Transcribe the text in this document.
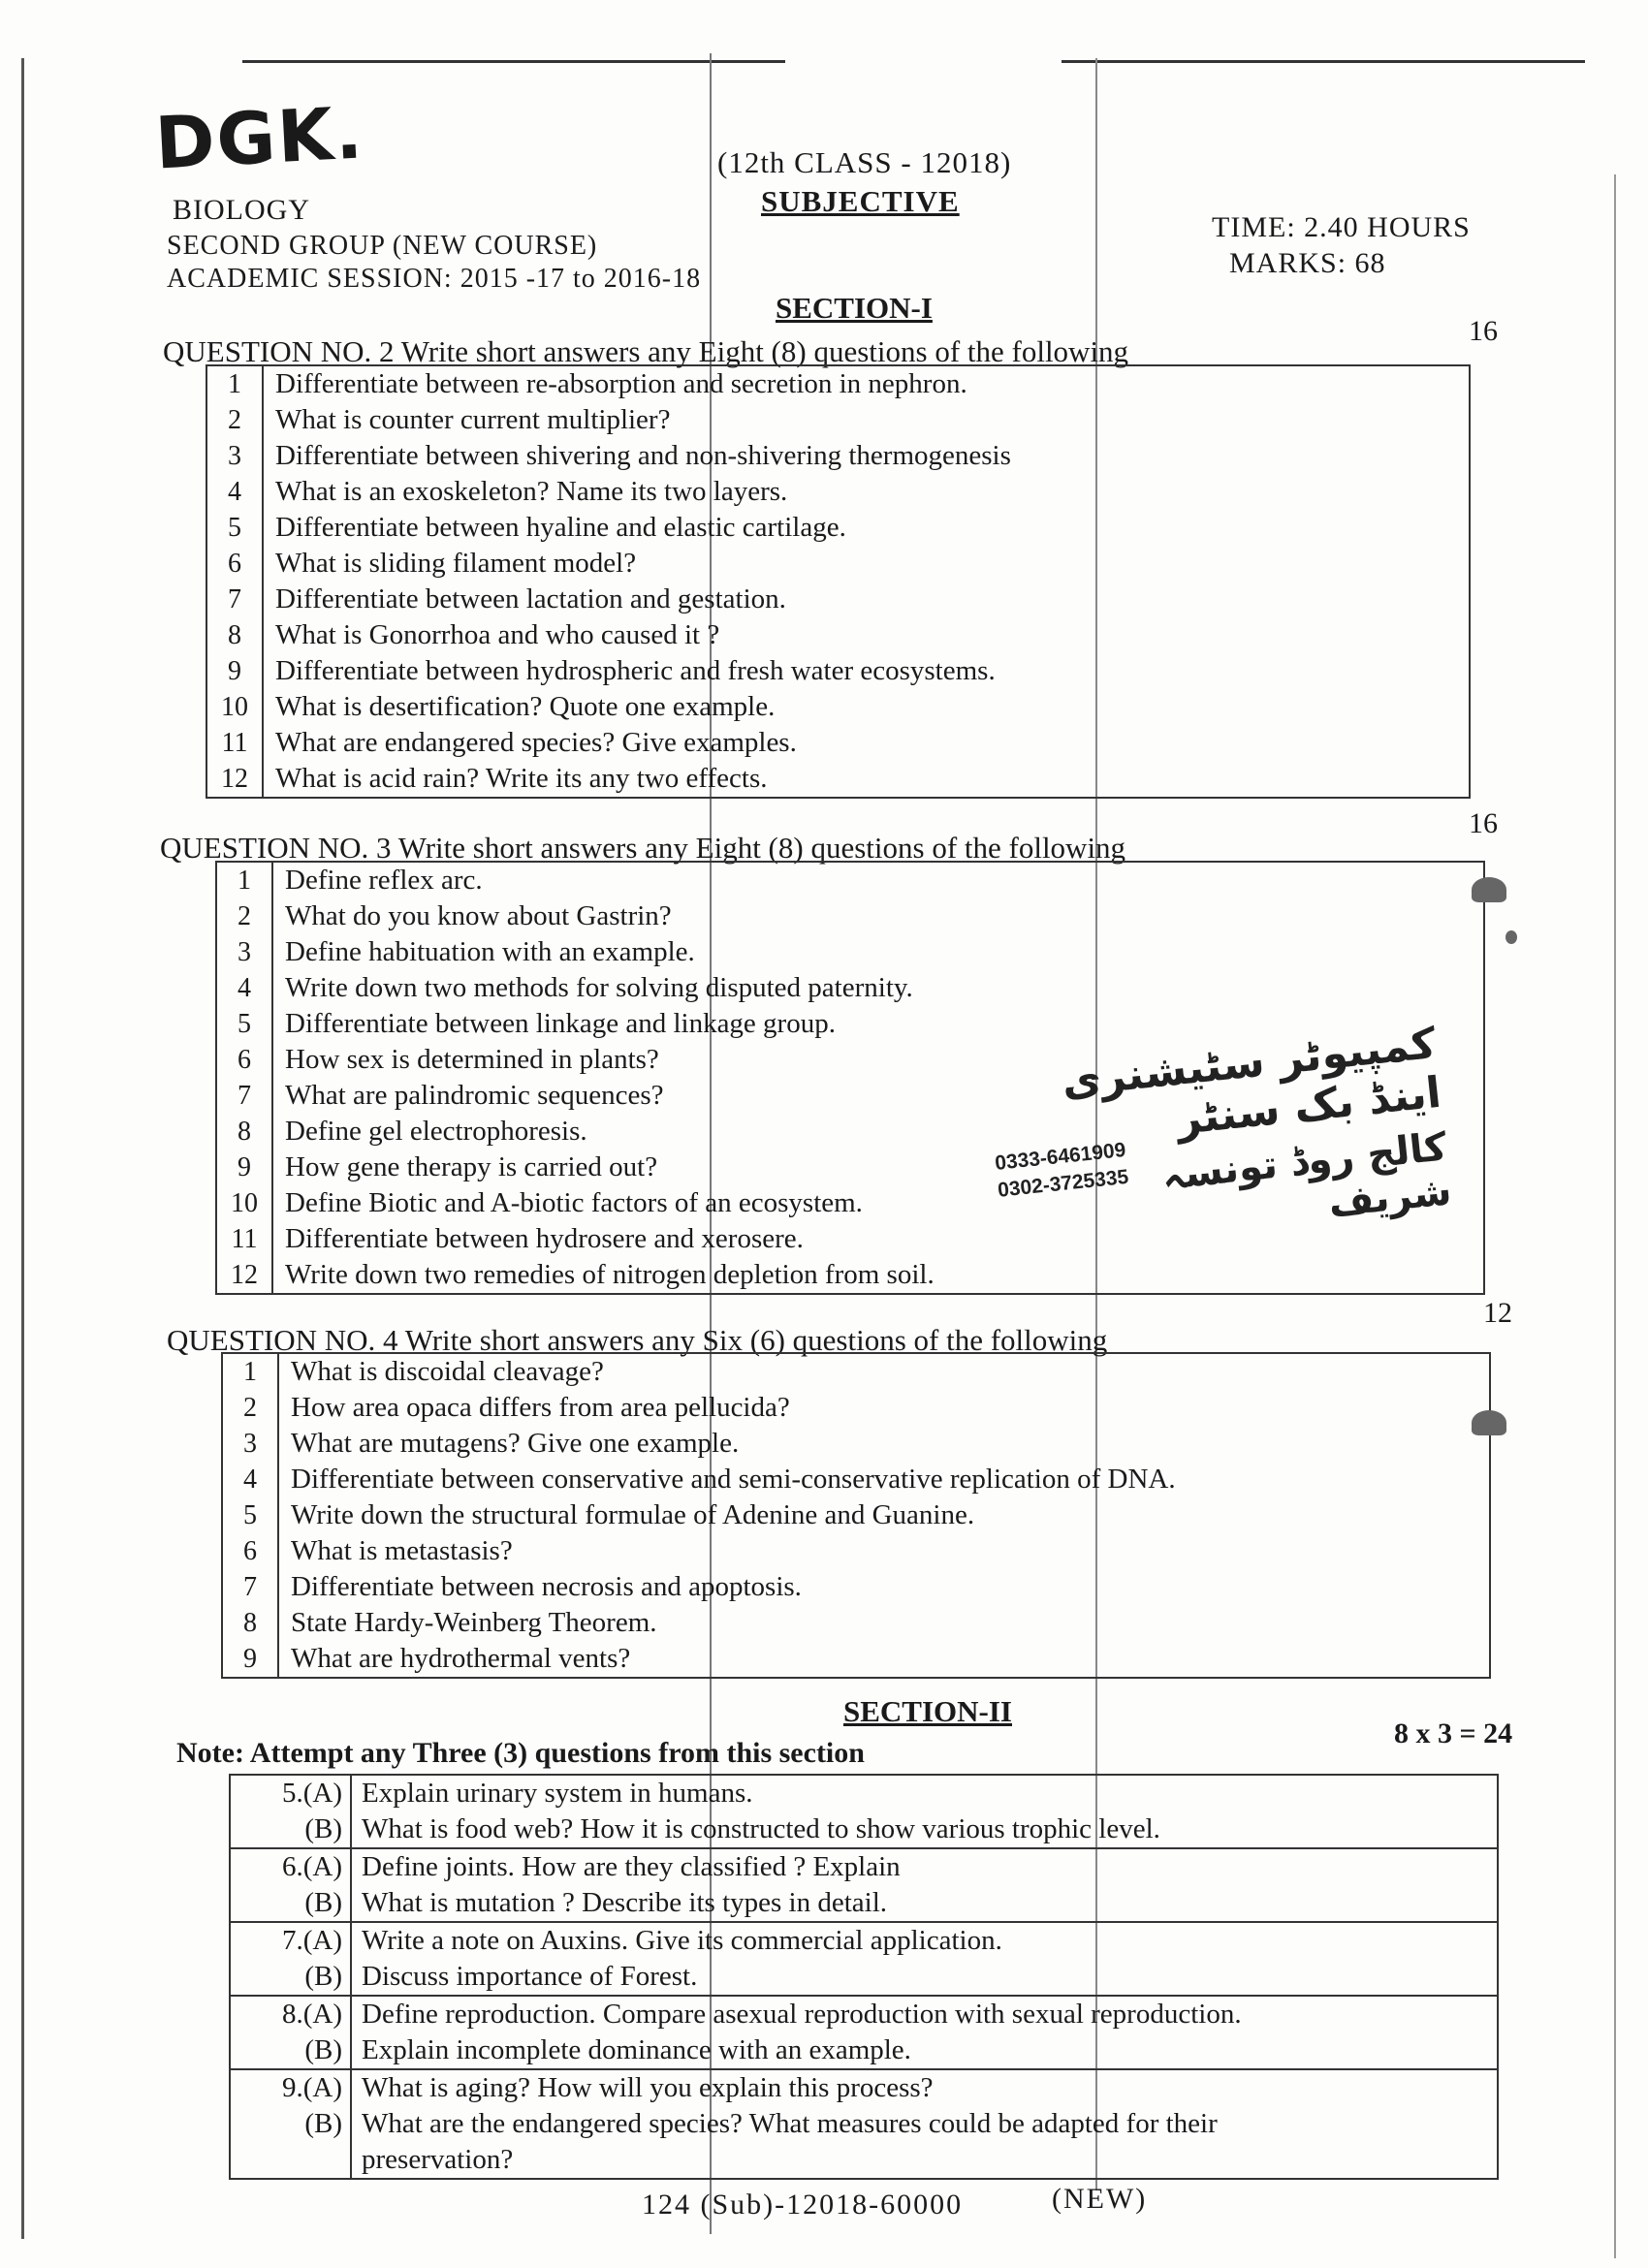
DGK.
BIOLOGY
SECOND GROUP (NEW COURSE)
ACADEMIC SESSION: 2015 -17 to 2016-18
(12th CLASS - 12018)
SUBJECTIVE
TIME: 2.40 HOURS
MARKS: 68
SECTION-I
QUESTION NO. 2 Write short answers any Eight (8) questions of the following
16
1	Differentiate between re-absorption and secretion in nephron.
2	What is counter current multiplier?
3	Differentiate between shivering and non-shivering thermogenesis
4	What is an exoskeleton? Name its two layers.
5	Differentiate between hyaline and elastic cartilage.
6	What is sliding filament model?
7	Differentiate between lactation and gestation.
8	What is Gonorrhoa and who caused it ?
9	Differentiate between hydrospheric and fresh water ecosystems.
10	What is desertification? Quote one example.
11	What are endangered species? Give examples.
12	What is acid rain? Write its any two effects.
QUESTION NO. 3 Write short answers any Eight (8) questions of the following
16
1	Define reflex arc.
2	What do you know about Gastrin?
3	Define habituation with an example.
4	Write down two methods for solving disputed paternity.
5	Differentiate between linkage and linkage group.
6	How sex is determined in plants?
7	What are palindromic sequences?
8	Define gel electrophoresis.
9	How gene therapy is carried out?
10	Define Biotic and A-biotic factors of an ecosystem.
11	Differentiate between hydrosere and xerosere.
12	Write down two remedies of nitrogen depletion from soil.
QUESTION NO. 4 Write short answers any Six (6) questions of the following
12
1	What is discoidal cleavage?
2	How area opaca differs from area pellucida?
3	What are mutagens? Give one example.
4	Differentiate between conservative and semi-conservative replication of DNA.
5	Write down the structural formulae of Adenine and Guanine.
6	What is metastasis?
7	Differentiate between necrosis and apoptosis.
8	State Hardy-Weinberg Theorem.
9	What are hydrothermal vents?
SECTION-II
Note: Attempt any Three (3) questions from this section
8 x 3 = 24
5.(A)	Explain urinary system in humans.
(B)	What is food web? How it is constructed to show various trophic level.
6.(A)	Define joints. How are they classified ? Explain
(B)	What is mutation ? Describe its types in detail.
7.(A)	Write a note on Auxins. Give its commercial application.
(B)	Discuss importance of Forest.
8.(A)	Define reproduction. Compare asexual reproduction with sexual reproduction.
(B)	Explain incomplete dominance with an example.
9.(A)	What is aging? How will you explain this process?
(B)	What are the endangered species? What measures could be adapted for their
	preservation?
کمپیوٹر سٹیشنری اینڈ بک سنٹر
0333-6461909
0302-3725335 کالج روڈ تونسہ شریف
124 (Sub)-12018-60000	(NEW)
